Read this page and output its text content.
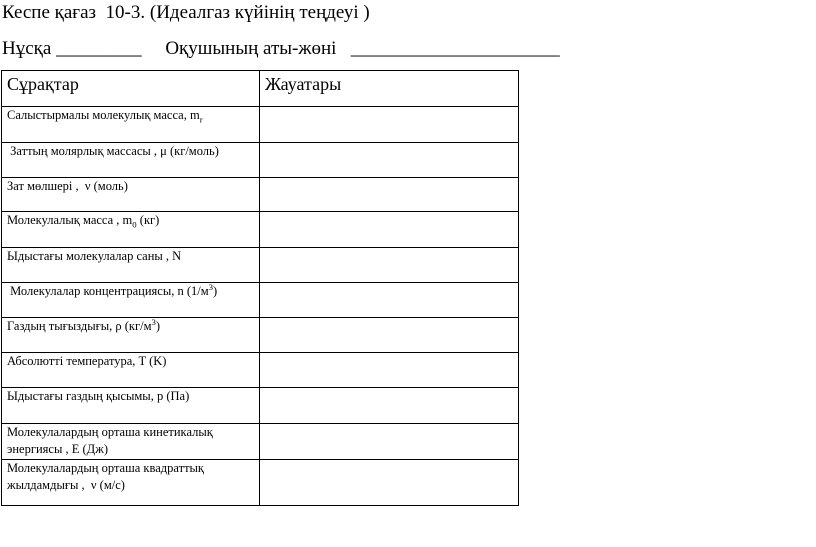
Кеспе қағаз  10-3. (Идеалгаз күйінің теңдеуі )
Нұсқа _________ Оқушының аты-жөні ______________________
Сұрақтар	Жауатары
Салыстырмалы молекулық масса, $m_r$	
Заттың молярлық массасы , μ (кг/моль)	
Зат мөлшері ,  ν (моль)	
Молекулалық масса , $m_0$ (кг)	
Ыдыстағы молекулалар саны , N	
Молекулалар концентрациясы, n $(1/м^3)$	
Газдың тығыздығы, ρ $(кг/м^3)$	
Абсолютті температура, T (K)	
Ыдыстағы газдың қысымы, p (Па)	
Молекулалардың орташа кинетикалық энергиясы , Е (Дж)	
Молекулалардың орташа квадраттық жылдамдығы ,  ν (м/с)	
